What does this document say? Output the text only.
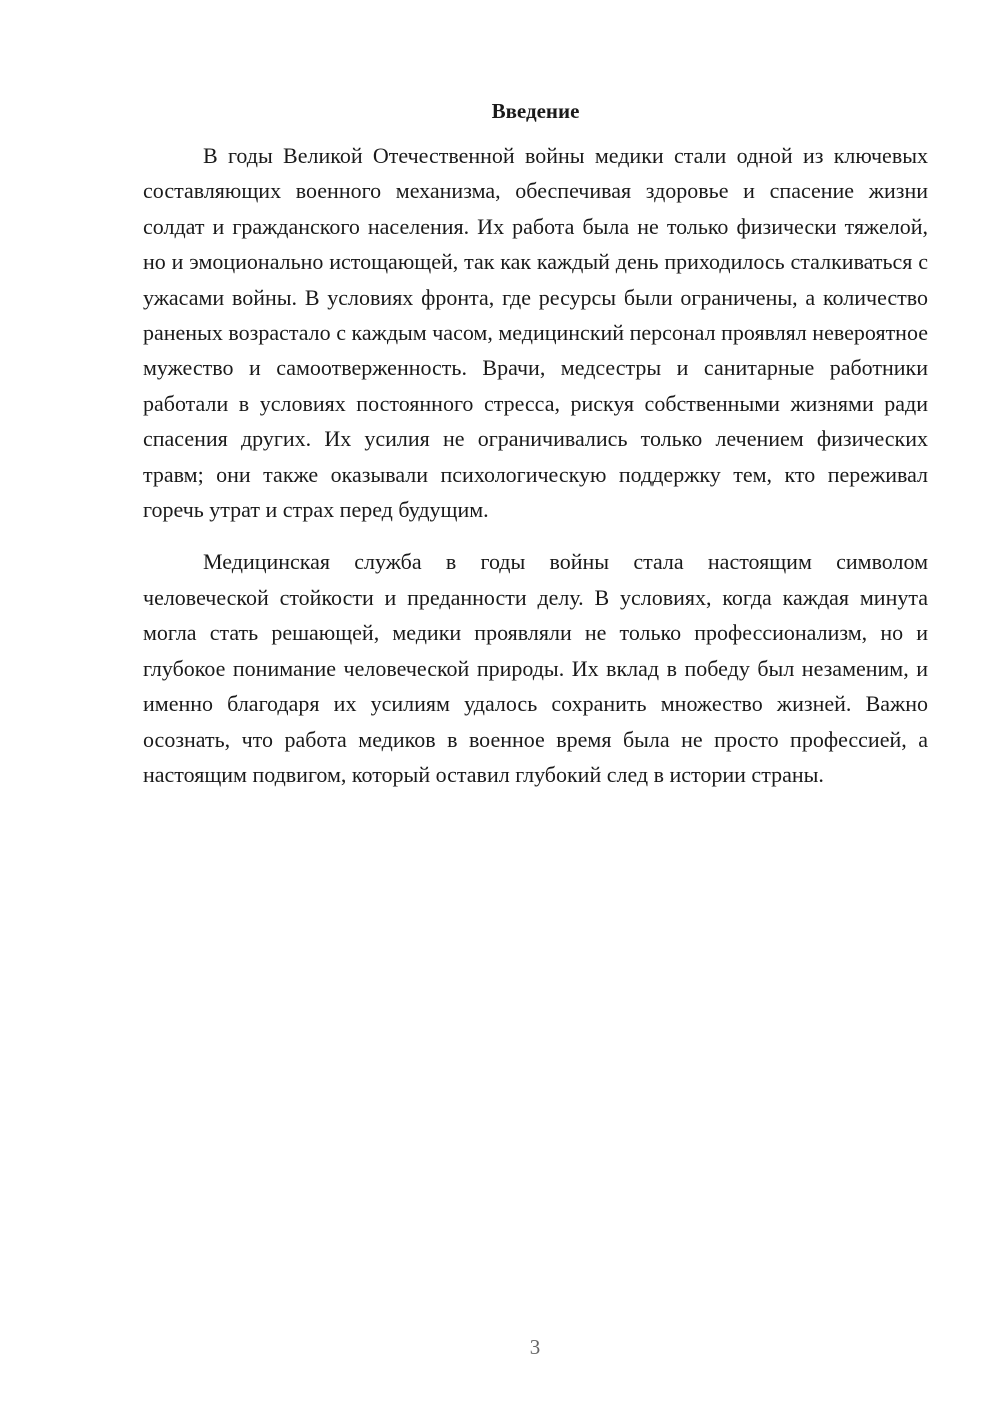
Введение

В годы Великой Отечественной войны медики стали одной из ключевых составляющих военного механизма, обеспечивая здоровье и спасение жизни солдат и гражданского населения. Их работа была не только физически тяжелой, но и эмоционально истощающей, так как каждый день приходилось сталкиваться с ужасами войны. В условиях фронта, где ресурсы были ограничены, а количество раненых возрастало с каждым часом, медицинский персонал проявлял невероятное мужество и самоотверженность. Врачи, медсестры и санитарные работники работали в условиях постоянного стресса, рискуя собственными жизнями ради спасения других. Их усилия не ограничивались только лечением физических травм; они также оказывали психологическую поддержку тем, кто переживал горечь утрат и страх перед будущим.

Медицинская служба в годы войны стала настоящим символом человеческой стойкости и преданности делу. В условиях, когда каждая минута могла стать решающей, медики проявляли не только профессионализм, но и глубокое понимание человеческой природы. Их вклад в победу был незаменим, и именно благодаря их усилиям удалось сохранить множество жизней. Важно осознать, что работа медиков в военное время была не просто профессией, а настоящим подвигом, который оставил глубокий след в истории страны.

3
